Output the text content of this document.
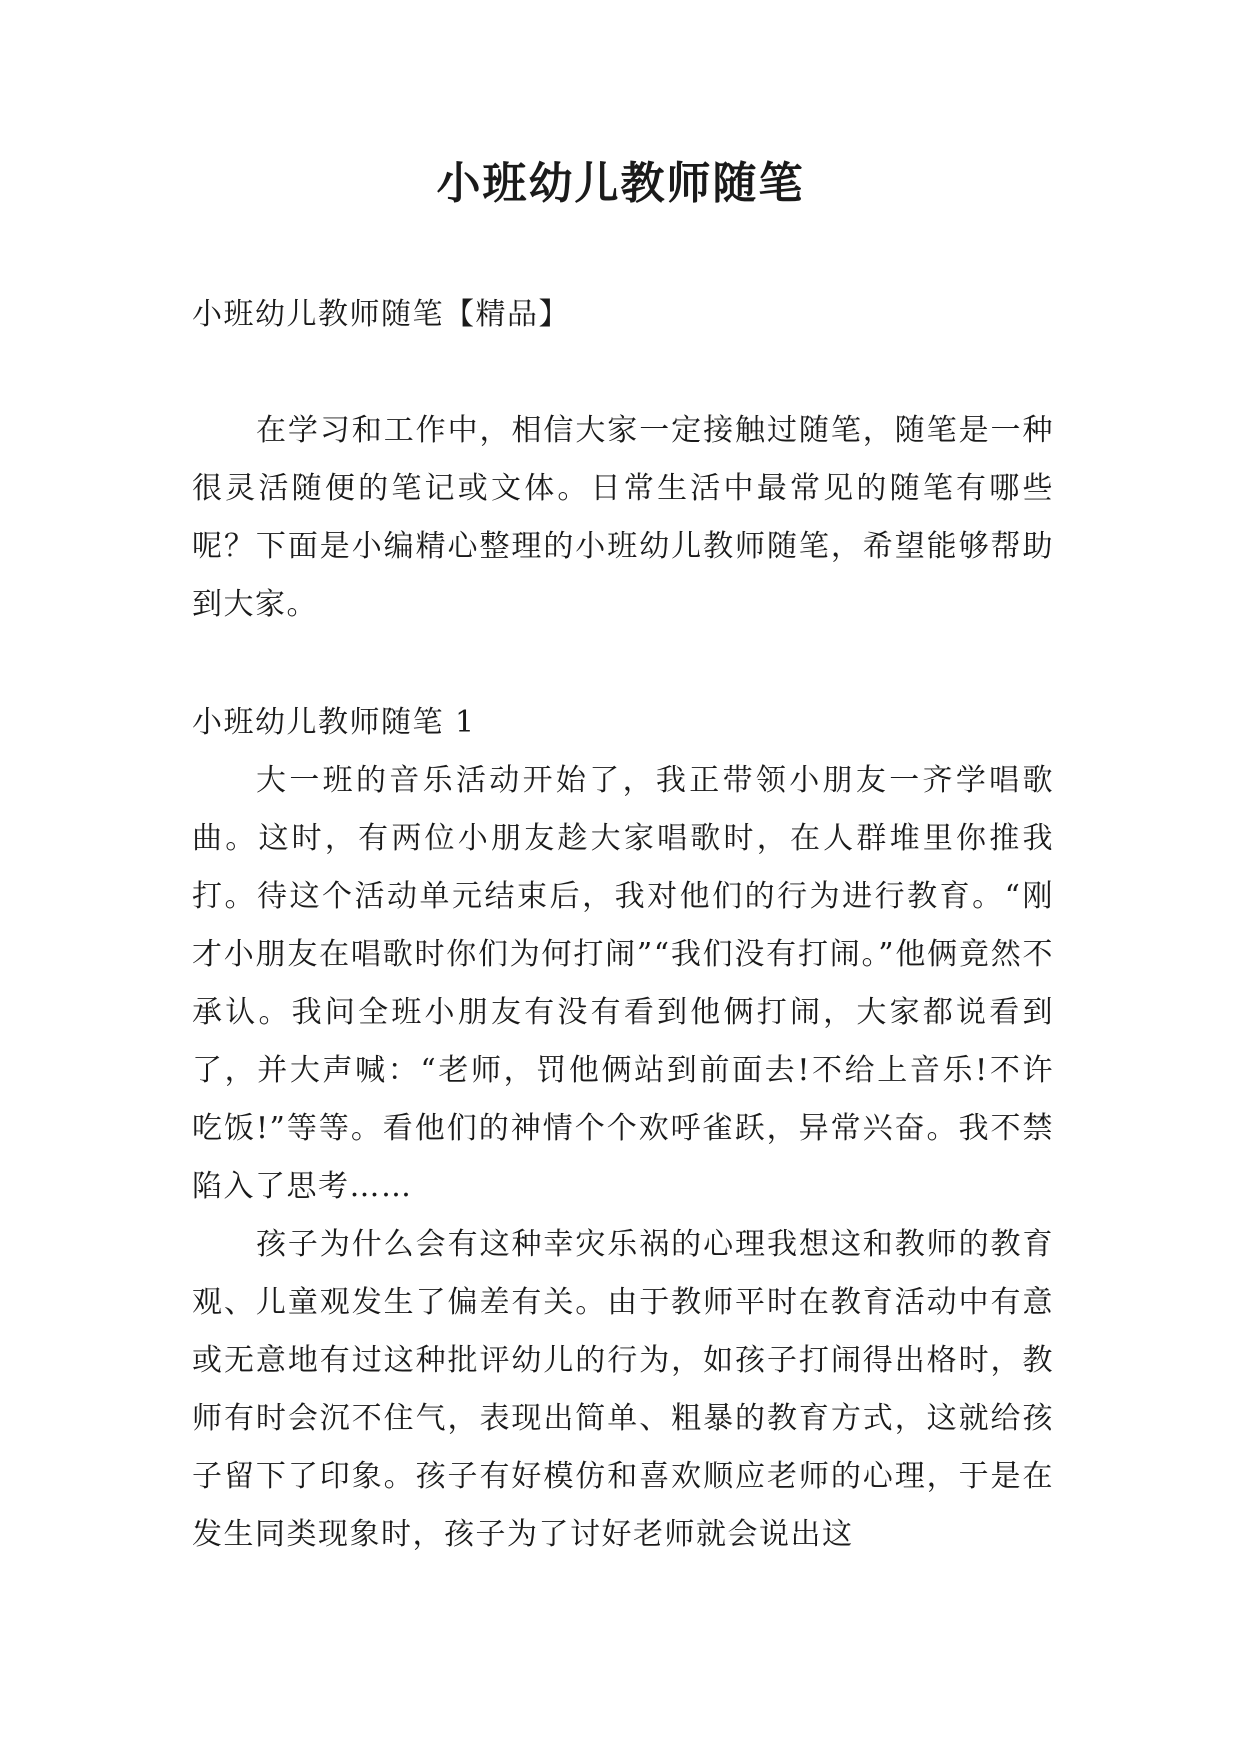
小班幼儿教师随笔

小班幼儿教师随笔【精品】

在学习和工作中，相信大家一定接触过随笔，随笔是一种很灵活随便的笔记或文体。日常生活中最常见的随笔有哪些呢？下面是小编精心整理的小班幼儿教师随笔，希望能够帮助到大家。

小班幼儿教师随笔 1

大一班的音乐活动开始了，我正带领小朋友一齐学唱歌曲。这时，有两位小朋友趁大家唱歌时，在人群堆里你推我打。待这个活动单元结束后，我对他们的行为进行教育。“刚才小朋友在唱歌时你们为何打闹”“我们没有打闹。”他俩竟然不承认。我问全班小朋友有没有看到他俩打闹，大家都说看到了，并大声喊：“老师，罚他俩站到前面去!不给上音乐!不许吃饭!”等等。看他们的神情个个欢呼雀跃，异常兴奋。我不禁陷入了思考……

孩子为什么会有这种幸灾乐祸的心理我想这和教师的教育观、儿童观发生了偏差有关。由于教师平时在教育活动中有意或无意地有过这种批评幼儿的行为，如孩子打闹得出格时，教师有时会沉不住气，表现出简单、粗暴的教育方式，这就给孩子留下了印象。孩子有好模仿和喜欢顺应老师的心理，于是在发生同类现象时，孩子为了讨好老师就会说出这
